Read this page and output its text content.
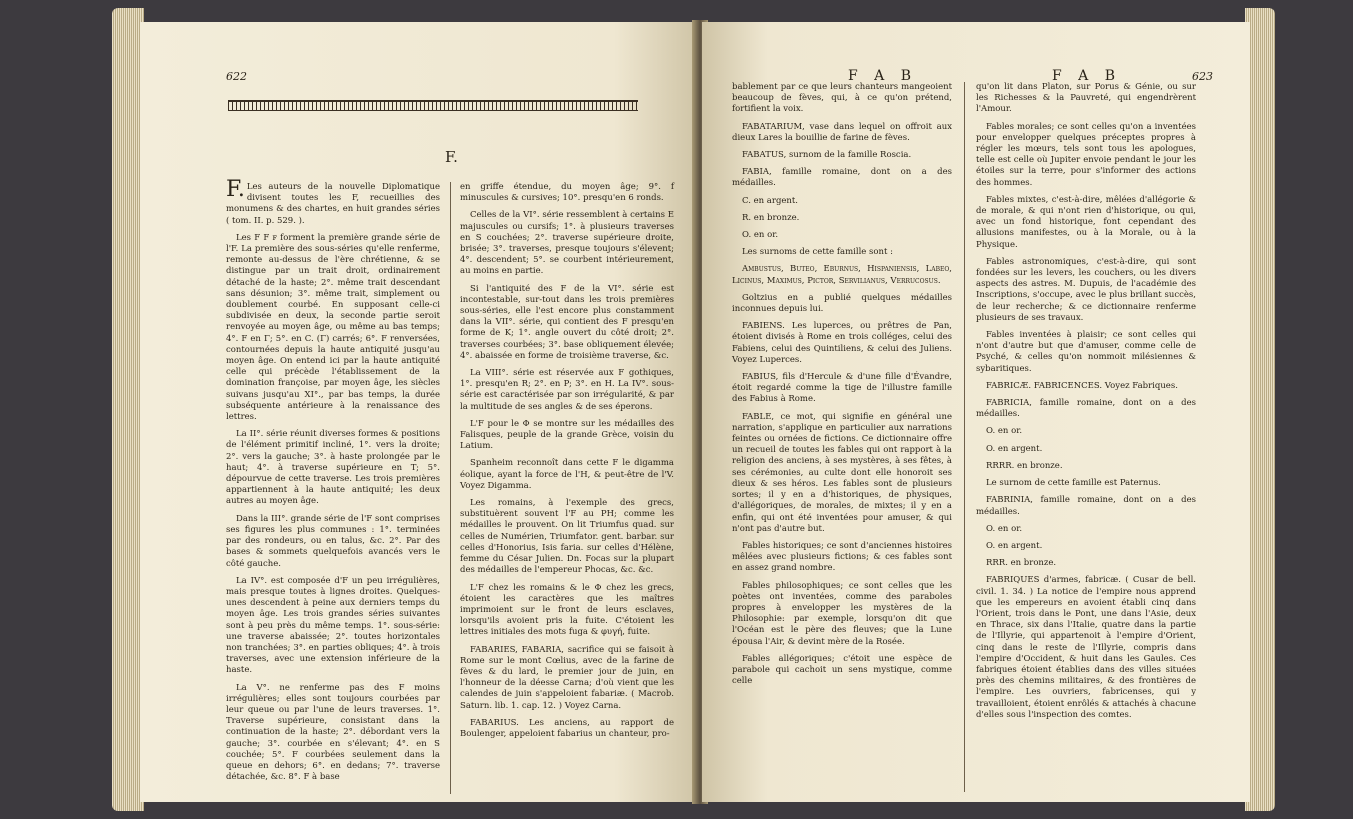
622
F.

F. Les auteurs de la nouvelle Diplomatique divisent toutes les F, recueillies des monumens & des chartes, en huit grandes séries ( tom. II. p. 529. ).

Les F F ꜰ forment la première grande série de l'F. La première des sous-séries qu'elle renferme, remonte au-dessus de l'ère chrétienne, & se distingue par un trait droit, ordinairement détaché de la haste; 2°. même trait descendant sans désunion; 3°. même trait, simplement ou doublement courbé. En supposant celle-ci subdivisée en deux, la seconde partie seroit renvoyée au moyen âge, ou même au bas temps; 4°. F en Γ; 5°. en C. (Γ) carrés; 6°. F renversées, contournées depuis la haute antiquité jusqu'au moyen âge. On entend ici par la haute antiquité celle qui précède l'établissement de la domination françoise, par moyen âge, les siècles suivans jusqu'au XI°., par bas temps, la durée subséquente antérieure à la renaissance des lettres.

La II°. série réunit diverses formes & positions de l'élément primitif incliné, 1°. vers la droite; 2°. vers la gauche; 3°. à haste prolongée par le haut; 4°. à traverse supérieure en T; 5°. dépourvue de cette traverse. Les trois premières appartiennent à la haute antiquité; les deux autres au moyen âge.

Dans la III°. grande série de l'F sont comprises ses figures les plus communes : 1°. terminées par des rondeurs, ou en talus, &c. 2°. Par des bases & sommets quelquefois avancés vers le côté gauche.

La IV°. est composée d'F un peu irrégulières, mais presque toutes à lignes droites. Quelques-unes descendent à peine aux derniers temps du moyen âge. Les trois grandes séries suivantes sont à peu près du même temps. 1°. sous-série: une traverse abaissée; 2°. toutes horizontales non tranchées; 3°. en parties obliques; 4°. à trois traverses, avec une extension inférieure de la haste.

La V°. ne renferme pas des F moins irrégulières; elles sont toujours courbées par leur queue ou par l'une de leurs traverses. 1°. Traverse supérieure, consistant dans la continuation de la haste; 2°. débordant vers la gauche; 3°. courbée en s'élevant; 4°. en S couchée; 5°. F courbées seulement dans la queue en dehors; 6°. en dedans; 7°. traverse détachée, &c. 8°. F à base

en griffe étendue, du moyen âge; 9°. f minuscules & cursives; 10°. presqu'en 6 ronds.

Celles de la VI°. série ressemblent à certains E majuscules ou cursifs; 1°. à plusieurs traverses en S couchées; 2°. traverse supérieure droite, brisée; 3°. traverses, presque toujours s'élevent; 4°. descendent; 5°. se courbent intérieurement, au moins en partie.

Si l'antiquité des F de la VI°. série est incontestable, sur-tout dans les trois premières sous-séries, elle l'est encore plus constamment dans la VII°. série, qui contient des F presqu'en forme de K; 1°. angle ouvert du côté droit; 2°. traverses courbées; 3°. base obliquement élevée; 4°. abaissée en forme de troisième traverse, &c.

La VIII°. série est réservée aux F gothiques, 1°. presqu'en R; 2°. en P; 3°. en H. La IV°. sous-série est caractérisée par son irrégularité, & par la multitude de ses angles & de ses éperons.

L'F pour le Φ se montre sur les médailles des Falisques, peuple de la grande Grèce, voisin du Latium.

Spanheim reconnoît dans cette F le digamma éolique, ayant la force de l'H, & peut-être de l'V. Voyez Digamma.

Les romains, à l'exemple des grecs, substituèrent souvent l'F au PH; comme les médailles le prouvent. On lit Triumfus quad. sur celles de Numérien, Triumfator. gent. barbar. sur celles d'Honorius, Isis faria. sur celles d'Hélène, femme du César Julien. Dn. Focas sur la plupart des médailles de l'empereur Phocas, &c. &c.

L'F chez les romains & le Φ chez les grecs, étoient les caractères que les maîtres imprimoient sur le front de leurs esclaves, lorsqu'ils avoient pris la fuite. C'étoient les lettres initiales des mots fuga & φυγή, fuite.

FABARIES, FABARIA, sacrifice qui se faisoit à Rome sur le mont Cœlius, avec de la farine de fèves & du lard, le premier jour de juin, en l'honneur de la déesse Carna; d'où vient que les calendes de juin s'appeloient fabariæ. ( Macrob. Saturn. lib. 1. cap. 12. ) Voyez Carna.

FABARIUS. Les anciens, au rapport de Boulenger, appeloient fabarius un chanteur, pro-

F A B	F A B	623

bablement par ce que leurs chanteurs mangeoient beaucoup de fèves, qui, à ce qu'on prétend, fortifient la voix.

FABATARIUM, vase dans lequel on offroit aux dieux Lares la bouillie de farine de fèves.

FABATUS, surnom de la famille Roscia.

FABIA, famille romaine, dont on a des médailles.

C. en argent.

R. en bronze.

O. en or.

Les surnoms de cette famille sont :

Ambustus, Buteo, Eburnus, Hispaniensis, Labeo, Licinus, Maximus, Pictor, Servilianus, Verrucosus.

Goltzius en a publié quelques médailles inconnues depuis lui.

FABIENS. Les luperces, ou prêtres de Pan, étoient divisés à Rome en trois colléges, celui des Fabiens, celui des Quintiliens, & celui des Juliens. Voyez Luperces.

FABIUS, fils d'Hercule & d'une fille d'Évandre, étoit regardé comme la tige de l'illustre famille des Fabius à Rome.

FABLE, ce mot, qui signifie en général une narration, s'applique en particulier aux narrations feintes ou ornées de fictions. Ce dictionnaire offre un recueil de toutes les fables qui ont rapport à la religion des anciens, à ses mystères, à ses fêtes, à ses cérémonies, au culte dont elle honoroit ses dieux & ses héros. Les fables sont de plusieurs sortes; il y en a d'historiques, de physiques, d'allégoriques, de morales, de mixtes; il y en a enfin, qui ont été inventées pour amuser, & qui n'ont pas d'autre but.

Fables historiques; ce sont d'anciennes histoires mêlées avec plusieurs fictions; & ces fables sont en assez grand nombre.

Fables philosophiques; ce sont celles que les poètes ont inventées, comme des paraboles propres à envelopper les mystères de la Philosophie: par exemple, lorsqu'on dit que l'Océan est le père des fleuves; que la Lune épousa l'Air, & devint mère de la Rosée.

Fables allégoriques; c'étoit une espèce de parabole qui cachoit un sens mystique, comme celle

qu'on lit dans Platon, sur Porus & Génie, ou sur les Richesses & la Pauvreté, qui engendrèrent l'Amour.

Fables morales; ce sont celles qu'on a inventées pour envelopper quelques préceptes propres à régler les mœurs, tels sont tous les apologues, telle est celle où Jupiter envoie pendant le jour les étoiles sur la terre, pour s'informer des actions des hommes.

Fables mixtes, c'est-à-dire, mêlées d'allégorie & de morale, & qui n'ont rien d'historique, ou qui, avec un fond historique, font cependant des allusions manifestes, ou à la Morale, ou à la Physique.

Fables astronomiques, c'est-à-dire, qui sont fondées sur les levers, les couchers, ou les divers aspects des astres. M. Dupuis, de l'académie des Inscriptions, s'occupe, avec le plus brillant succès, de leur recherche; & ce dictionnaire renferme plusieurs de ses travaux.

Fables inventées à plaisir; ce sont celles qui n'ont d'autre but que d'amuser, comme celle de Psyché, & celles qu'on nommoit milésiennes & sybaritiques.

FABRICÆ. FABRICENCES. Voyez Fabriques.

FABRICIA, famille romaine, dont on a des médailles.

O. en or.

O. en argent.

RRRR. en bronze.

Le surnom de cette famille est Paternus.

FABRINIA, famille romaine, dont on a des médailles.

O. en or.

O. en argent.

RRR. en bronze.

FABRIQUES d'armes, fabricæ. ( Cusar de bell. civil. 1. 34. ) La notice de l'empire nous apprend que les empereurs en avoient établi cinq dans l'Orient, trois dans le Pont, une dans l'Asie, deux en Thrace, six dans l'Italie, quatre dans la partie de l'Illyrie, qui appartenoit à l'empire d'Orient, cinq dans le reste de l'Illyrie, compris dans l'empire d'Occident, & huit dans les Gaules. Ces fabriques étoient établies dans des villes situées près des chemins militaires, & des frontières de l'empire. Les ouvriers, fabricenses, qui y travailloient, étoient enrôlés & attachés à chacune d'elles sous l'inspection des comtes.
